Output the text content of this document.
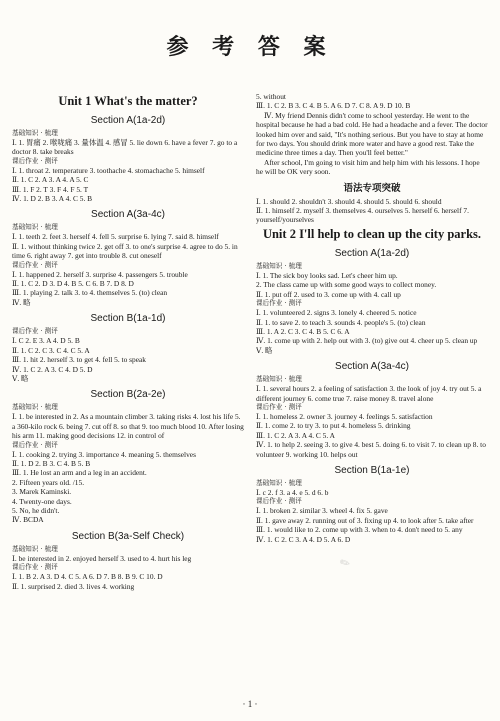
参 考 答 案
Unit 1 What's the matter?
Section A(1a-2d)
基础知识 · 梳理
Ⅰ. 1. 胃痛 2. 喉咙痛 3. 量体温 4. 感冒 5. lie down 6. have a fever 7. go to a doctor 8. take breaks
课后作业 · 测评
Ⅰ. 1. throat 2. temperature 3. toothache 4. stomachache 5. himself
Ⅱ. 1. C 2. A 3. A 4. A 5. C
Ⅲ. 1. F 2. T 3. F 4. F 5. T
Ⅳ. 1. D 2. B 3. A 4. C 5. B
Section A(3a-4c)
基础知识 · 梳理
Ⅰ. 1. teeth 2. feet 3. herself 4. fell 5. surprise 6. lying 7. said 8. himself
Ⅱ. 1. without thinking twice 2. get off 3. to one's surprise 4. agree to do 5. in time 6. right away 7. get into trouble 8. cut oneself
课后作业 · 测评
Ⅰ. 1. happened 2. herself 3. surprise 4. passengers 5. trouble
Ⅱ. 1. C 2. D 3. D 4. B 5. C 6. B 7. D 8. D
Ⅲ. 1. playing 2. talk 3. to 4. themselves 5. (to) clean
Ⅳ. 略
Section B(1a-1d)
课后作业 · 测评
Ⅰ. C 2. E 3. A 4. D 5. B
Ⅱ. 1. C 2. C 3. C 4. C 5. A
Ⅲ. 1. hit 2. herself 3. to get 4. fell 5. to speak
Ⅳ. 1. C 2. A 3. C 4. D 5. D
Ⅴ. 略
Section B(2a-2e)
基础知识 · 梳理
Ⅰ. 1. be interested in 2. As a mountain climber 3. taking risks 4. lost his life 5. a 360-kilo rock 6. being 7. cut off 8. so that 9. too much blood 10. After losing his arm 11. making good decisions 12. in control of
课后作业 · 测评
Ⅰ. 1. cooking 2. trying 3. importance 4. meaning 5. themselves
Ⅱ. 1. D 2. B 3. C 4. B 5. B
Ⅲ. 1. He lost an arm and a leg in an accident.
2. Fifteen years old. /15.
3. Marek Kaminski.
4. Twenty-one days.
5. No, he didn't.
Ⅳ. BCDA
Section B(3a-Self Check)
基础知识 · 梳理
Ⅰ. be interested in 2. enjoyed herself 3. used to 4. hurt his leg
课后作业 · 测评
Ⅰ. 1. B 2. A 3. D 4. C 5. A 6. D 7. B 8. B 9. C 10. D
Ⅱ. 1. surprised 2. died 3. lives 4. working
5. without
Ⅲ. 1. C 2. B 3. C 4. B 5. A 6. D 7. C 8. A 9. D 10. B
Ⅳ. My friend Dennis didn't come to school yesterday. He went to the hospital because he had a bad cold. He had a headache and a fever. The doctor looked him over and said, "It's nothing serious. But you have to stay at home for two days. You should drink more water and have a good rest. Take the medicine three times a day. Then you'll feel better."
After school, I'm going to visit him and help him with his lessons. I hope he will be OK very soon.
语法专项突破
Ⅰ. 1. should 2. shouldn't 3. should 4. should 5. should 6. should
Ⅱ. 1. himself 2. myself 3. themselves 4. ourselves 5. herself 6. herself 7. yourself/yourselves
Unit 2 I'll help to clean up the city parks.
Section A(1a-2d)
基础知识 · 梳理
Ⅰ. 1. The sick boy looks sad. Let's cheer him up.
2. The class came up with some good ways to collect money.
Ⅱ. 1. put off 2. used to 3. come up with 4. call up
课后作业 · 测评
Ⅰ. 1. volunteered 2. signs 3. lonely 4. cheered 5. notice
Ⅱ. 1. to save 2. to teach 3. sounds 4. people's 5. (to) clean
Ⅲ. 1. A 2. C 3. C 4. B 5. C 6. A
Ⅳ. 1. come up with 2. help out with 3. (to) give out 4. cheer up 5. clean up
Ⅴ. 略
Section A(3a-4c)
基础知识 · 梳理
Ⅰ. 1. several hours 2. a feeling of satisfaction 3. the look of joy 4. try out 5. a different journey 6. come true 7. raise money 8. travel alone
课后作业 · 测评
Ⅰ. 1. homeless 2. owner 3. journey 4. feelings 5. satisfaction
Ⅱ. 1. come 2. to try 3. to put 4. homeless 5. drinking
Ⅲ. 1. C 2. A 3. A 4. C 5. A
Ⅳ. 1. to help 2. seeing 3. to give 4. best 5. doing 6. to visit 7. to clean up 8. to volunteer 9. working 10. helps out
Section B(1a-1e)
基础知识 · 梳理
Ⅰ. c 2. f 3. a 4. e 5. d 6. b
课后作业 · 测评
Ⅰ. 1. broken 2. similar 3. wheel 4. fix 5. gave
Ⅱ. 1. gave away 2. running out of 3. fixing up 4. to look after 5. take after
Ⅲ. 1. would like to 2. come up with 3. when to 4. don't need to 5. any
Ⅳ. 1. C 2. C 3. A 4. D 5. A 6. D
✎
· 1 ·
